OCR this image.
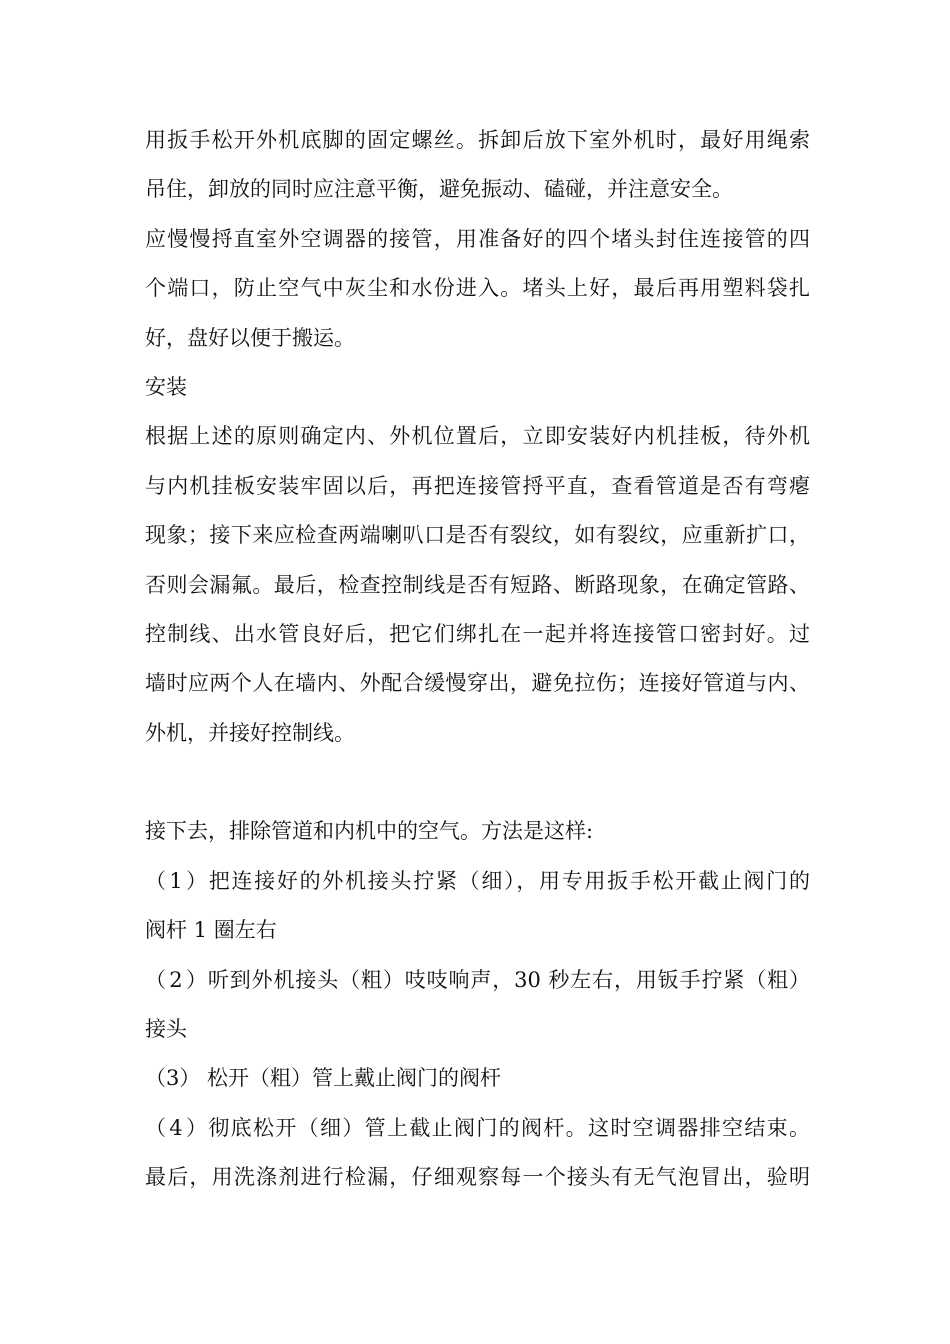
用扳手松开外机底脚的固定螺丝。拆卸后放下室外机时，最好用绳索
吊住，卸放的同时应注意平衡，避免振动、磕碰，并注意安全。
应慢慢捋直室外空调器的接管，用准备好的四个堵头封住连接管的四
个端口，防止空气中灰尘和水份进入。堵头上好，最后再用塑料袋扎
好，盘好以便于搬运。
安装
根据上述的原则确定内、外机位置后，立即安装好内机挂板，待外机
与内机挂板安装牢固以后，再把连接管捋平直，查看管道是否有弯瘪
现象；接下来应检查两端喇叭口是否有裂纹，如有裂纹，应重新扩口，
否则会漏氟。最后，检查控制线是否有短路、断路现象，在确定管路、
控制线、出水管良好后，把它们绑扎在一起并将连接管口密封好。过
墙时应两个人在墙内、外配合缓慢穿出，避免拉伤；连接好管道与内、
外机，并接好控制线。
接下去，排除管道和内机中的空气。方法是这样:
（1）把连接好的外机接头拧紧（细），用专用扳手松开截止阀门的
阀杆 1 圈左右
（2）听到外机接头（粗）吱吱响声，30 秒左右，用钣手拧紧（粗）
接头
（3） 松开（粗）管上戴止阀门的阀杆
（4）彻底松开（细）管上截止阀门的阀杆。这时空调器排空结束。
最后，用洗涤剂进行检漏，仔细观察每一个接头有无气泡冒出，验明
